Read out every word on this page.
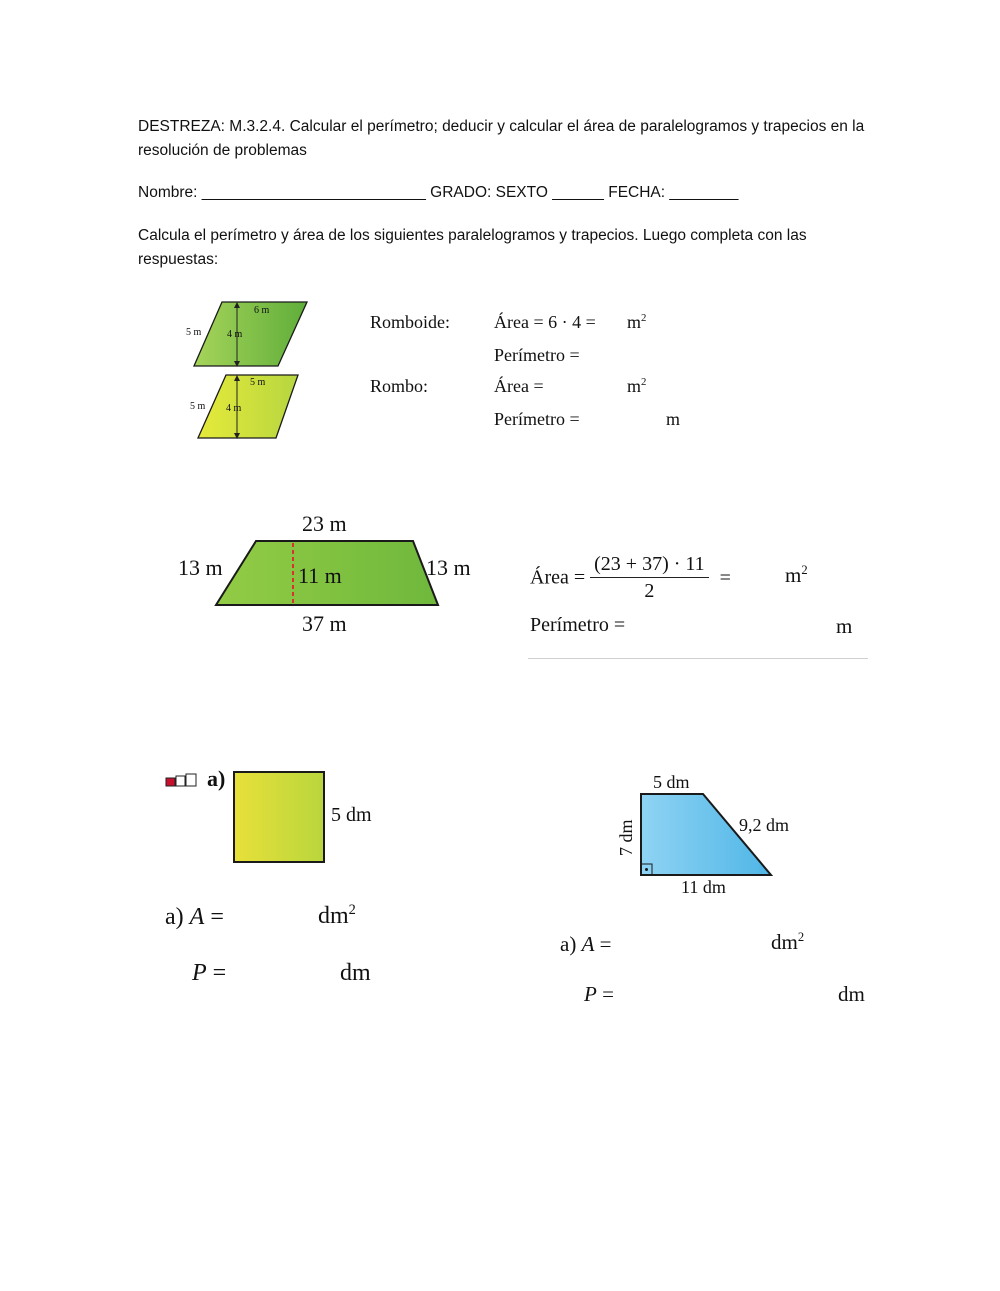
DESTREZA: M.3.2.4. Calcular el perímetro; deducir y calcular el área de paralelogramos y trapecios en la resolución de problemas
Nombre: __________________________ GRADO: SEXTO ______ FECHA: ________
Calcula el perímetro y área de los siguientes paralelogramos y trapecios. Luego completa con las respuestas:
6 m
5 m	4 m
5 m
5 m 4 m
Romboide: Área = $6 \cdot 4 = m^2$
Perímetro =
Rombo:	Área =	$m^2$
Perímetro =	m
23 m
13 m	13 m
11 m
37 m
Área = $\frac{(23 + 37) \cdot 11}{2}$ =	$m^2$
Perímetro =	m
a)
5 dm
a) A =	$dm^2$
P =	dm
5 dm
9,2 dm
7 dm
11 dm
a) A =	$dm^2$
P =	dm
